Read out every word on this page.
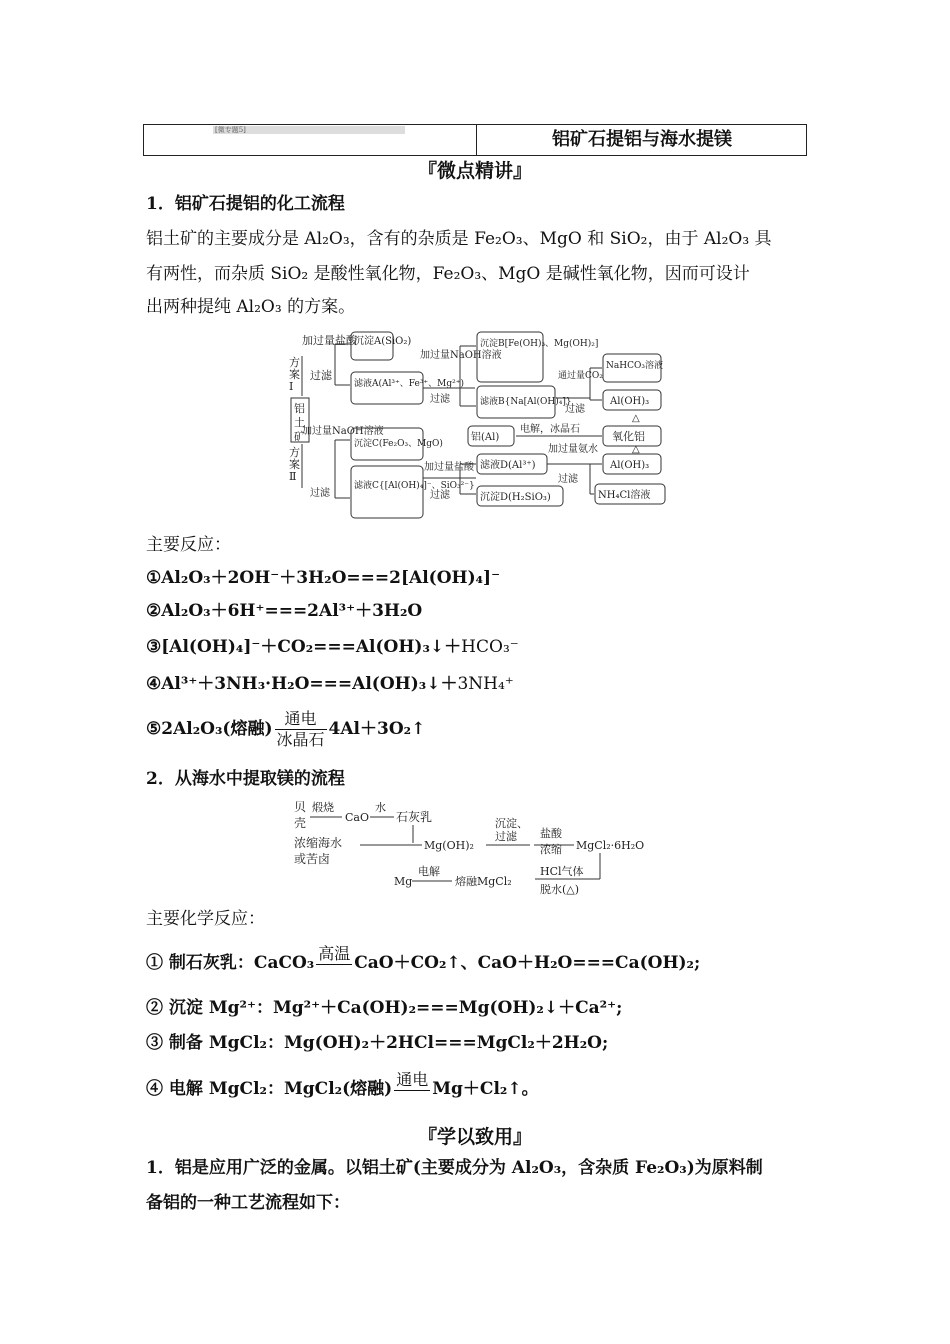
[微专题5]	铝矿石提铝与海水提镁
『微点精讲』
1．铝矿石提铝的化工流程
铝土矿的主要成分是 Al₂O₃，含有的杂质是 Fe₂O₃、MgO 和 SiO₂，由于 Al₂O₃ 具
有两性，而杂质 SiO₂ 是酸性氧化物，Fe₂O₃、MgO 是碱性氧化物，因而可设计
出两种提纯 Al₂O₃ 的方案。
方案 Ⅰ
铝土矿
方案 Ⅱ
加过量盐酸
过滤
沉淀A(SiO₂)
滤液A(Al³⁺、Fe³⁺、Mg²⁺)
加过量NaOH溶液
过滤
沉淀B[Fe(OH)₃、Mg(OH)₂]
滤液B{Na[Al(OH)₄]}
通过量CO₂
过滤
NaHCO₃溶液
Al(OH)₃
△
氧化铝
电解，冰晶石
铝(Al)
加过量NaOH溶液
过滤
沉淀C(Fe₂O₃、MgO)
滤液C{[Al(OH)₄]⁻、SiO₃²⁻}
加过量盐酸
过滤
滤液D(Al³⁺)
沉淀D(H₂SiO₃)
加过量氨水
过滤
Al(OH)₃
△
NH₄Cl溶液
主要反应：
①Al₂O₃＋2OH⁻＋3H₂O===2[Al(OH)₄]⁻
②Al₂O₃＋6H⁺===2Al³⁺＋3H₂O
③[Al(OH)₄]⁻＋CO₂===Al(OH)₃↓＋HCO₃⁻
④Al³⁺＋3NH₃·H₂O===Al(OH)₃↓＋3NH₄⁺
⑤2Al₂O₃(熔融) $\frac{\text{通电}}{\text{冰晶石}}$ 4Al＋3O₂↑
2．从海水中提取镁的流程
贝壳
煅烧
CaO
水
石灰乳
浓缩海水或苦卤
Mg(OH)₂
沉淀、过滤	盐酸浓缩 MgCl₂·6H₂O
HCl气体
脱水(△)
熔融MgCl₂
电解
Mg
主要化学反应：
① 制石灰乳：CaCO₃ 高温 CaO＋CO₂↑、CaO＋H₂O===Ca(OH)₂;
② 沉淀 Mg²⁺：Mg²⁺＋Ca(OH)₂===Mg(OH)₂↓＋Ca²⁺;
③ 制备 MgCl₂：Mg(OH)₂＋2HCl===MgCl₂＋2H₂O;
④ 电解 MgCl₂：MgCl₂(熔融) 通电 Mg＋Cl₂↑。
『学以致用』
1．铝是应用广泛的金属。以铝土矿(主要成分为 Al₂O₃，含杂质 Fe₂O₃)为原料制
备铝的一种工艺流程如下：
